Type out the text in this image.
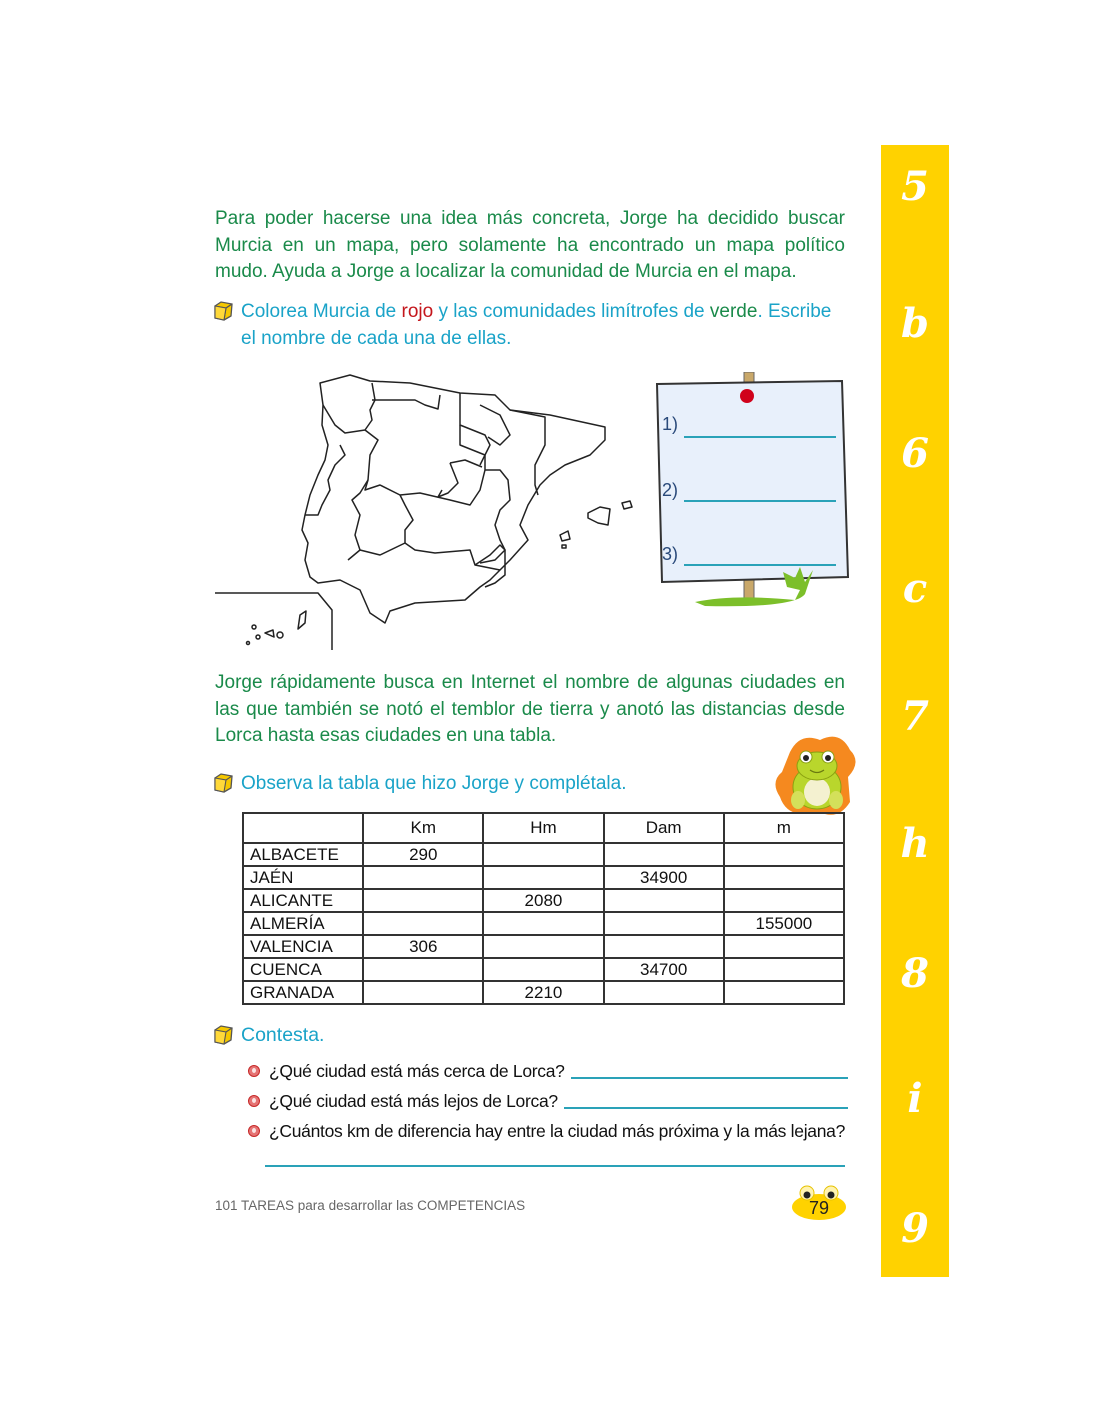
Para poder hacerse una idea más concreta, Jorge ha decidido buscar Murcia en un mapa, pero solamente ha encontrado un mapa político mudo. Ayuda a Jorge a localizar la comunidad de Murcia en el mapa.

Colorea Murcia de rojo y las comunidades limítrofes de verde. Escribe el nombre de cada una de ellas.
1)
2)
3)

Jorge rápidamente busca en Internet el nombre de algunas ciudades en las que también se notó el temblor de tierra y anotó las distancias desde Lorca hasta esas ciudades en una tabla.

Observa la tabla que hizo Jorge y complétala.
	Km	Hm	Dam	m
ALBACETE	290			
JAÉN			34900	
ALICANTE		2080		
ALMERÍA				155000
VALENCIA	306			
CUENCA			34700	
GRANADA		2210		
Contesta.
¿Qué ciudad está más cerca de Lorca?
¿Qué ciudad está más lejos de Lorca?
¿Cuántos km de diferencia hay entre la ciudad más próxima y la más lejana?
101 TAREAS para desarrollar las COMPETENCIAS	79
5
b
6
c
7
h
8
i
9
